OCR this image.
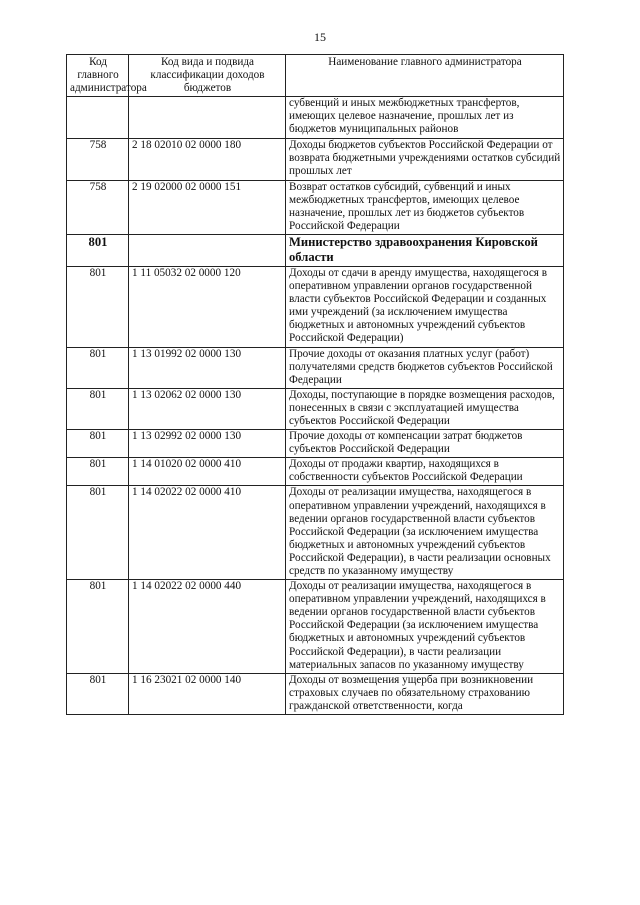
15
Код главного администратора	Код вида и подвида классификации доходов бюджетов	Наименование главного администратора
		субвенций и иных межбюджетных трансфертов, имеющих целевое назначение, прошлых лет из бюджетов муниципальных районов
758	2 18 02010 02 0000 180	Доходы бюджетов субъектов Российской Федерации от возврата бюджетными учреждениями остатков субсидий прошлых лет
758	2 19 02000 02 0000 151	Возврат остатков субсидий, субвенций и иных межбюджетных трансфертов, имеющих целевое назначение, прошлых лет из бюджетов субъектов Российской Федерации
801		Министерство здравоохранения Кировской области
801	1 11 05032 02 0000 120	Доходы от сдачи в аренду имущества, находящегося в оперативном управлении органов государственной власти субъектов Российской Федерации и созданных ими учреждений (за исключением имущества бюджетных и автономных учреждений субъектов Российской Федерации)
801	1 13 01992 02 0000 130	Прочие доходы от оказания платных услуг (работ) получателями средств бюджетов субъектов Российской Федерации
801	1 13 02062 02 0000 130	Доходы, поступающие в порядке возмещения расходов, понесенных в связи с эксплуатацией имущества субъектов Российской Федерации
801	1 13 02992 02 0000 130	Прочие доходы от компенсации затрат бюджетов субъектов Российской Федерации
801	1 14 01020 02 0000 410	Доходы от продажи квартир, находящихся в собственности субъектов Российской Федерации
801	1 14 02022 02 0000 410	Доходы от реализации имущества, находящегося в оперативном управлении учреждений, находящихся в ведении органов государственной власти субъектов Российской Федерации (за исключением имущества бюджетных и автономных учреждений субъектов Российской Федерации), в части реализации основных средств по указанному имуществу
801	1 14 02022 02 0000 440	Доходы от реализации имущества, находящегося в оперативном управлении учреждений, находящихся в ведении органов государственной власти субъектов Российской Федерации (за исключением имущества бюджетных и автономных учреждений субъектов Российской Федерации), в части реализации материальных запасов по указанному имуществу
801	1 16 23021 02 0000 140	Доходы от возмещения ущерба при возникновении страховых случаев по обязательному страхованию гражданской ответственности, когда
